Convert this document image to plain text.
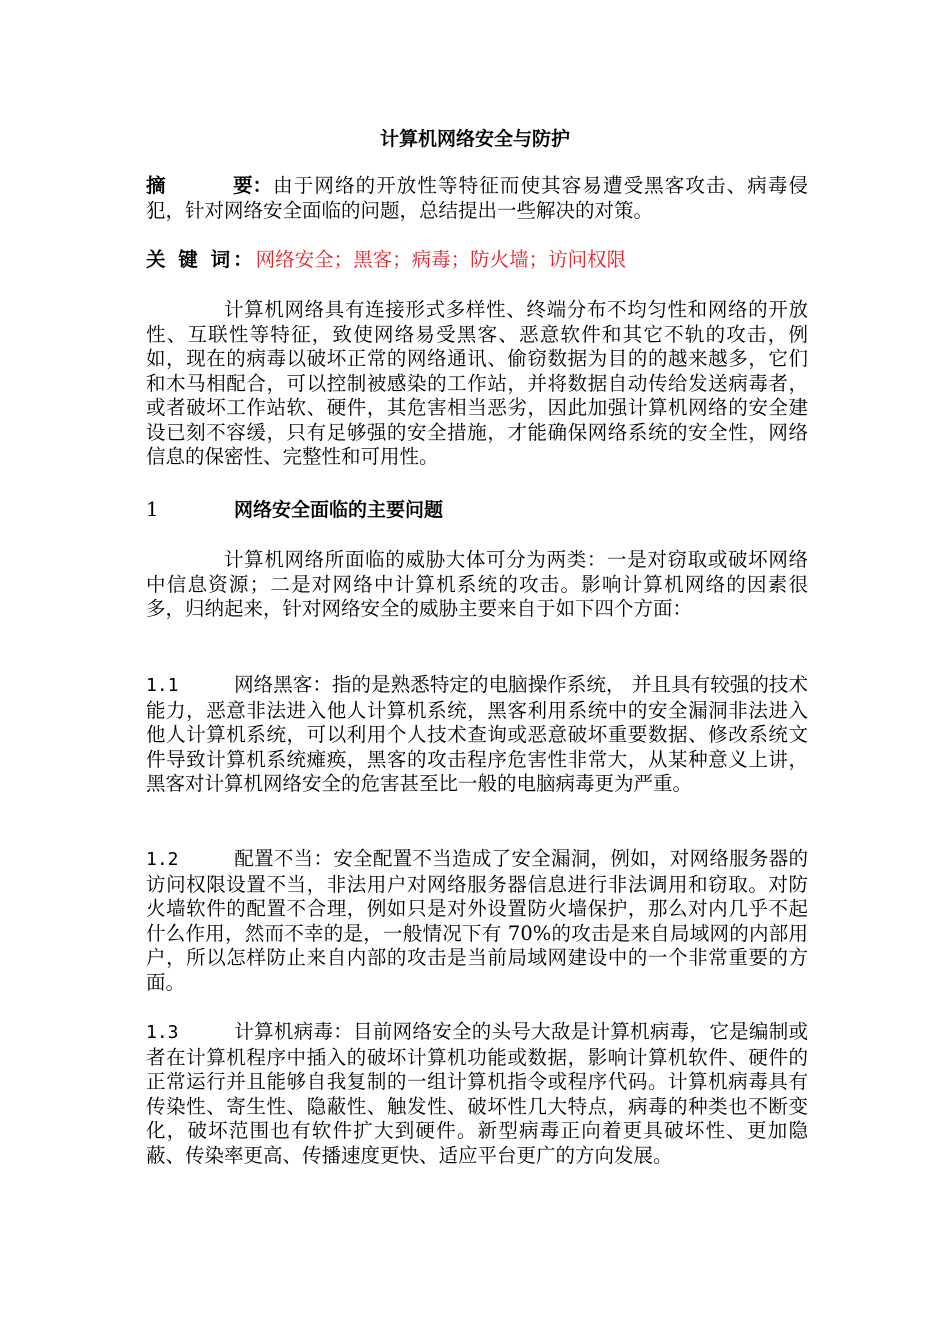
计算机网络安全与防护
摘	要： 由于网络的开放性等特征而使其容易遭受黑客攻击、病毒侵犯，针对网络安全面临的问题，总结提出一些解决的对策。
关 键 词：网络安全；黑客；病毒；防火墙；访问权限
计算机网络具有连接形式多样性、终端分布不均匀性和网络的开放性、互联性等特征，致使网络易受黑客、恶意软件和其它不轨的攻击，例如，现在的病毒以破坏正常的网络通讯、偷窃数据为目的的越来越多，它们和木马相配合，可以控制被感染的工作站，并将数据自动传给发送病毒者，或者破坏工作站软、硬件，其危害相当恶劣，因此加强计算机网络的安全建设已刻不容缓，只有足够强的安全措施，才能确保网络系统的安全性，网络信息的保密性、完整性和可用性。
1	网络安全面临的主要问题
计算机网络所面临的威胁大体可分为两类：一是对窃取或破坏网络中信息资源；二是对网络中计算机系统的攻击。影响计算机网络的因素很多，归纳起来，针对网络安全的威胁主要来自于如下四个方面：
1.1	网络黑客：指的是熟悉特定的电脑操作系统， 并且具有较强的技术能力，恶意非法进入他人计算机系统，黑客利用系统中的安全漏洞非法进入他人计算机系统，可以利用个人技术查询或恶意破坏重要数据、修改系统文件导致计算机系统瘫痪，黑客的攻击程序危害性非常大，从某种意义上讲，黑客对计算机网络安全的危害甚至比一般的电脑病毒更为严重。
1.2	配置不当：安全配置不当造成了安全漏洞，例如，对网络服务器的访问权限设置不当，非法用户对网络服务器信息进行非法调用和窃取。对防火墙软件的配置不合理，例如只是对外设置防火墙保护，那么对内几乎不起什么作用，然而不幸的是，一般情况下有 70%的攻击是来自局域网的内部用户，所以怎样防止来自内部的攻击是当前局域网建设中的一个非常重要的方面。
1.3	计算机病毒：目前网络安全的头号大敌是计算机病毒，它是编制或者在计算机程序中插入的破坏计算机功能或数据，影响计算机软件、硬件的正常运行并且能够自我复制的一组计算机指令或程序代码。计算机病毒具有传染性、寄生性、隐蔽性、触发性、破坏性几大特点，病毒的种类也不断变化，破坏范围也有软件扩大到硬件。新型病毒正向着更具破坏性、更加隐蔽、传染率更高、传播速度更快、适应平台更广的方向发展。
